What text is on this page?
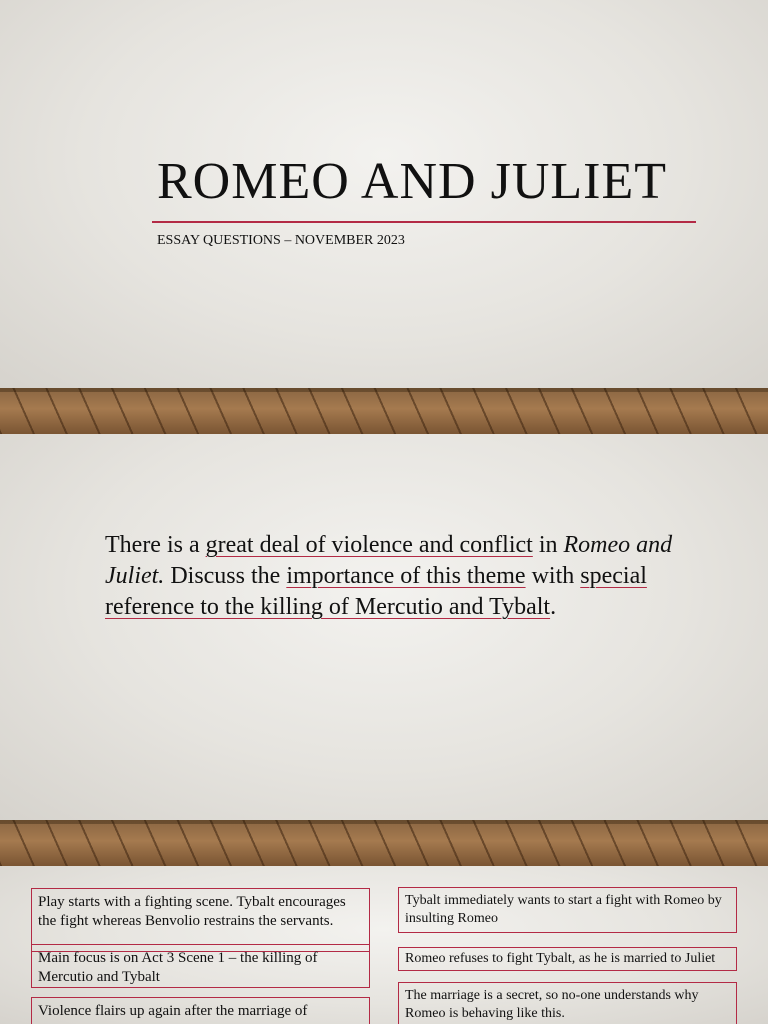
ROMEO AND JULIET
ESSAY QUESTIONS – NOVEMBER 2023

There is a great deal of violence and conflict in Romeo and Juliet. Discuss the importance of this theme with special reference to the killing of Mercutio and Tybalt.

Play starts with a fighting scene. Tybalt encourages the fight whereas Benvolio restrains the servants.
Main focus is on Act 3 Scene 1 – the killing of Mercutio and Tybalt
Violence flairs up again after the marriage of
Tybalt immediately wants to start a fight with Romeo by insulting Romeo
Romeo refuses to fight Tybalt, as he is married to Juliet
The marriage is a secret, so no-one understands why Romeo is behaving like this.
